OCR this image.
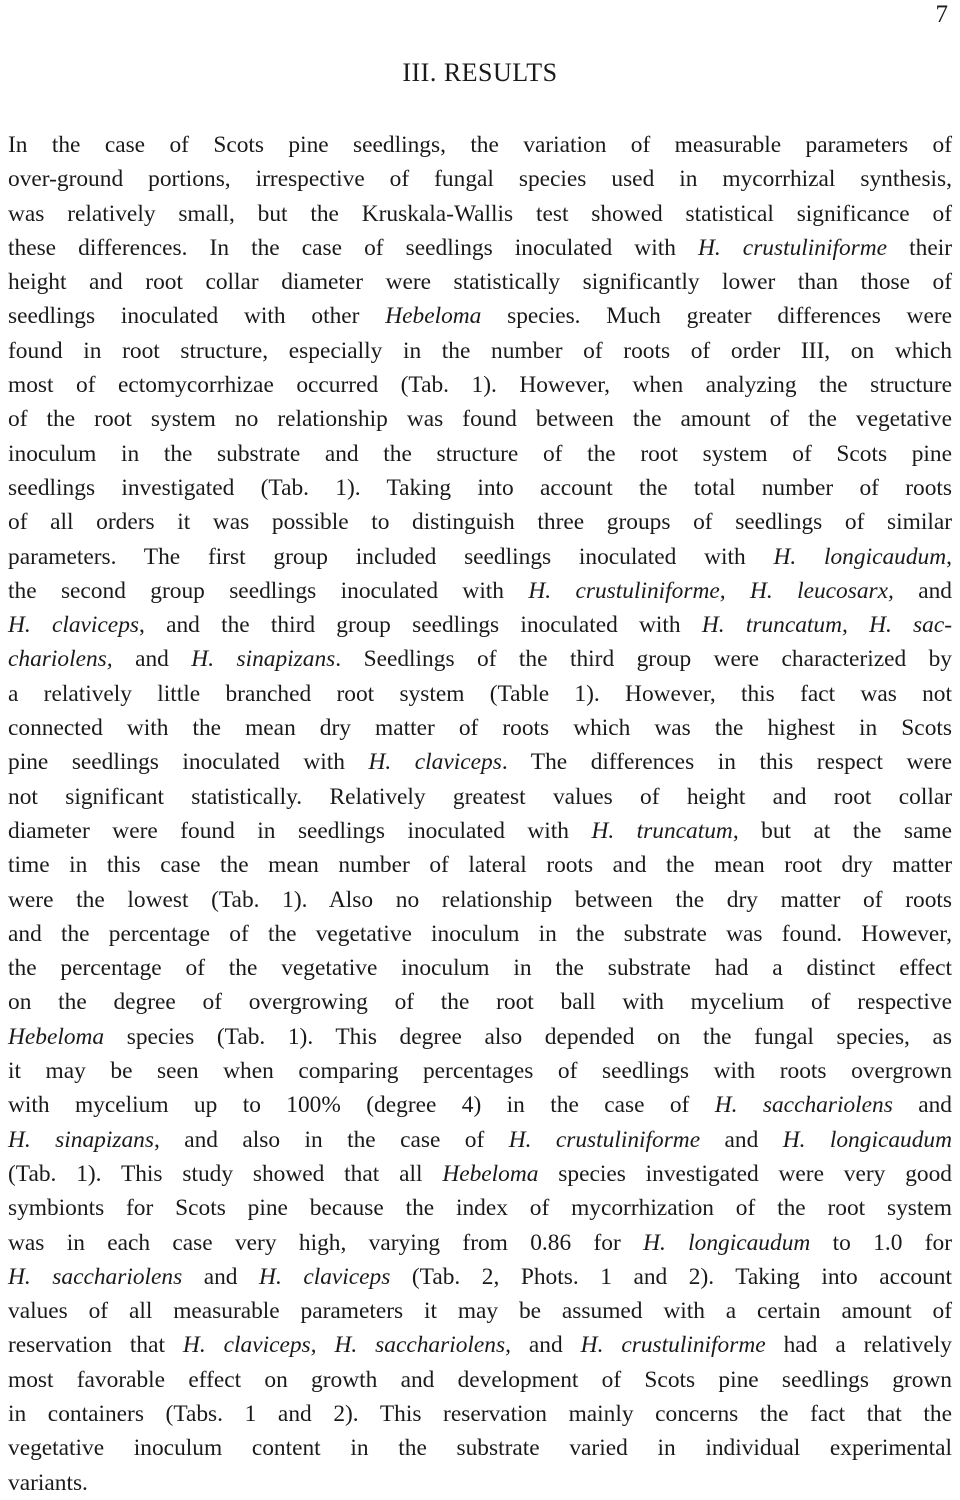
7
III. RESULTS
In the case of Scots pine seedlings, the variation of measurable parameters of
over-ground portions, irrespective of fungal species used in mycorrhizal synthesis,
was relatively small, but the Kruskala-Wallis test showed statistical significance of
these differences. In the case of seedlings inoculated with H. crustuliniforme their
height and root collar diameter were statistically significantly lower than those of
seedlings inoculated with other Hebeloma species. Much greater differences were
found in root structure, especially in the number of roots of order III, on which
most of ectomycorrhizae occurred (Tab. 1). However, when analyzing the structure
of the root system no relationship was found between the amount of the vegetative
inoculum in the substrate and the structure of the root system of Scots pine
seedlings investigated (Tab. 1). Taking into account the total number of roots
of all orders it was possible to distinguish three groups of seedlings of similar
parameters. The first group included seedlings inoculated with H. longicaudum,
the second group seedlings inoculated with H. crustuliniforme, H. leucosarx, and
H. claviceps, and the third group seedlings inoculated with H. truncatum, H. sac-
chariolens, and H. sinapizans. Seedlings of the third group were characterized by
a relatively little branched root system (Table 1). However, this fact was not
connected with the mean dry matter of roots which was the highest in Scots
pine seedlings inoculated with H. claviceps. The differences in this respect were
not significant statistically. Relatively greatest values of height and root collar
diameter were found in seedlings inoculated with H. truncatum, but at the same
time in this case the mean number of lateral roots and the mean root dry matter
were the lowest (Tab. 1). Also no relationship between the dry matter of roots
and the percentage of the vegetative inoculum in the substrate was found. However,
the percentage of the vegetative inoculum in the substrate had a distinct effect
on the degree of overgrowing of the root ball with mycelium of respective
Hebeloma species (Tab. 1). This degree also depended on the fungal species, as
it may be seen when comparing percentages of seedlings with roots overgrown
with mycelium up to 100% (degree 4) in the case of H. sacchariolens and
H. sinapizans, and also in the case of H. crustuliniforme and H. longicaudum
(Tab. 1). This study showed that all Hebeloma species investigated were very good
symbionts for Scots pine because the index of mycorrhization of the root system
was in each case very high, varying from 0.86 for H. longicaudum to 1.0 for
H. sacchariolens and H. claviceps (Tab. 2, Phots. 1 and 2). Taking into account
values of all measurable parameters it may be assumed with a certain amount of
reservation that H. claviceps, H. sacchariolens, and H. crustuliniforme had a relatively
most favorable effect on growth and development of Scots pine seedlings grown
in containers (Tabs. 1 and 2). This reservation mainly concerns the fact that the
vegetative inoculum content in the substrate varied in individual experimental
variants.
